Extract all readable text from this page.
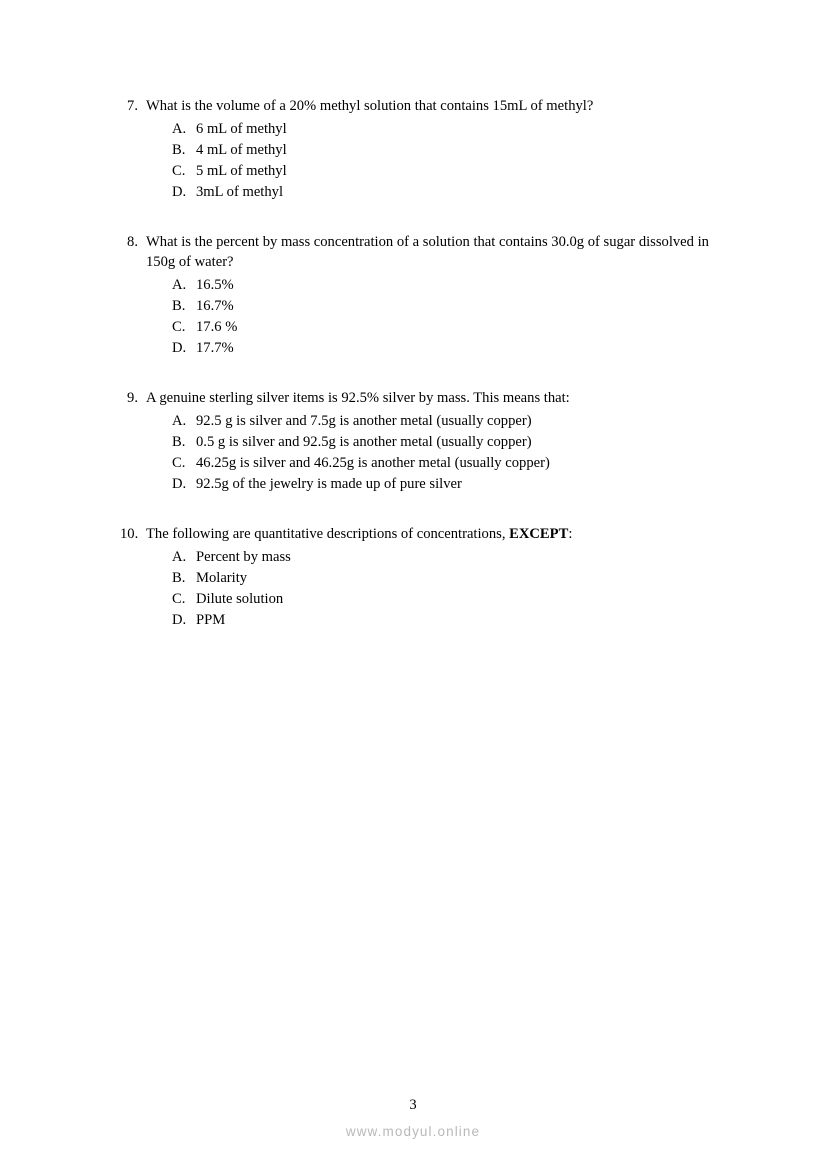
7. What is the volume of a 20% methyl solution that contains 15mL of methyl?
A. 6 mL of methyl
B. 4 mL of methyl
C. 5 mL of methyl
D. 3mL of methyl
8. What is the percent by mass concentration of a solution that contains 30.0g of sugar dissolved in 150g of water?
A. 16.5%
B. 16.7%
C. 17.6 %
D. 17.7%
9. A genuine sterling silver items is 92.5% silver by mass. This means that:
A. 92.5 g is silver and 7.5g is another metal (usually copper)
B. 0.5 g is silver and 92.5g is another metal (usually copper)
C. 46.25g is silver and 46.25g is another metal (usually copper)
D. 92.5g of the jewelry is made up of pure silver
10. The following are quantitative descriptions of concentrations, EXCEPT:
A. Percent by mass
B. Molarity
C. Dilute solution
D. PPM
3
www.modyul.online
